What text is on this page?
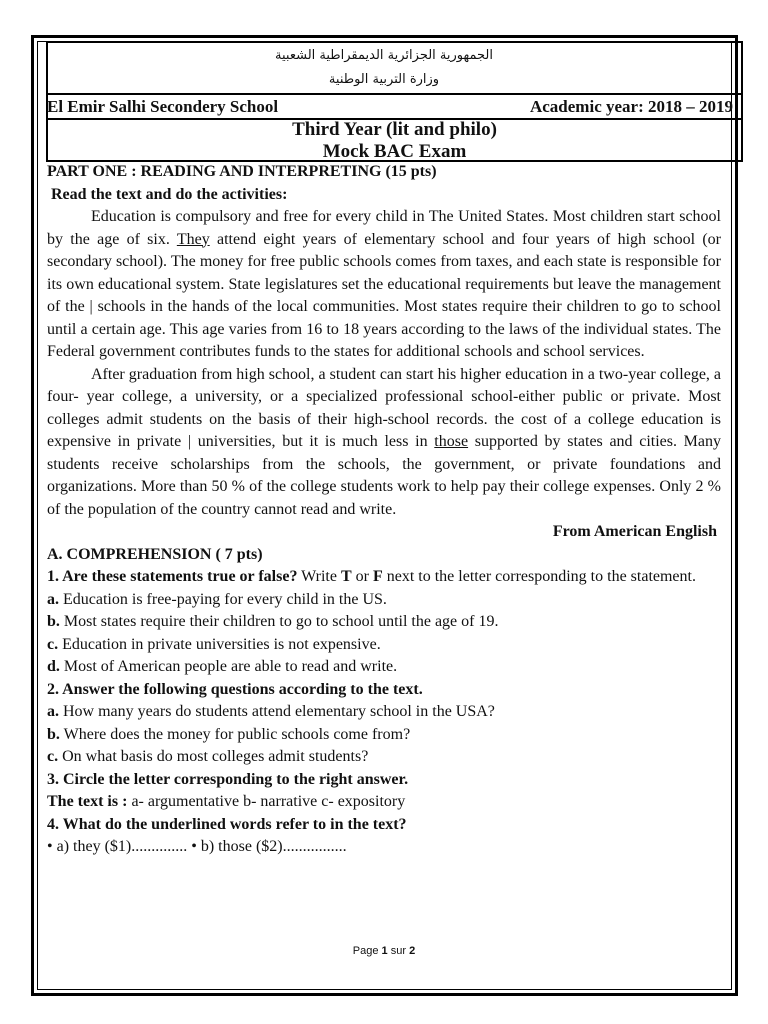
الجمهورية الجزائرية الديمقراطية الشعبية
وزارة التربية الوطنية
El Emir Salhi Secondery School	Academic year: 2018 – 2019
Third Year (lit and philo)
Mock BAC Exam

PART ONE : READING AND INTERPRETING (15 pts)

Read the text and do the activities:

Education is compulsory and free for every child in The United States. Most children start school by the age of six. They attend eight years of elementary school and four years of high school (or secondary school). The money for free public schools comes from taxes, and each state is responsible for its own educational system. State legislatures set the educational requirements but leave the management of the | schools in the hands of the local communities. Most states require their children to go to school until a certain age. This age varies from 16 to 18 years according to the laws of the individual states. The Federal government contributes funds to the states for additional schools and school services.

After graduation from high school, a student can start his higher education in a two-year college, a four- year college, a university, or a specialized professional school-either public or private. Most colleges admit students on the basis of their high-school records. the cost of a college education is expensive in private | universities, but it is much less in those supported by states and cities. Many students receive scholarships from the schools, the government, or private foundations and organizations. More than 50 % of the college students work to help pay their college expenses. Only 2 % of the population of the country cannot read and write.

From American English

A. COMPREHENSION ( 7 pts)

1. Are these statements true or false? Write T or F next to the letter corresponding to the statement.

a. Education is free-paying for every child in the US.

b. Most states require their children to go to school until the age of 19.

c. Education in private universities is not expensive.

d. Most of American people are able to read and write.

2. Answer the following questions according to the text.

a. How many years do students attend elementary school in the USA?

b. Where does the money for public schools come from?

c. On what basis do most colleges admit students?

3. Circle the letter corresponding to the right answer.

The text is : a- argumentative b- narrative c- expository

4. What do the underlined words refer to in the text?

• a) they ($1).............. • b) those ($2)................

Page 1 sur 2
